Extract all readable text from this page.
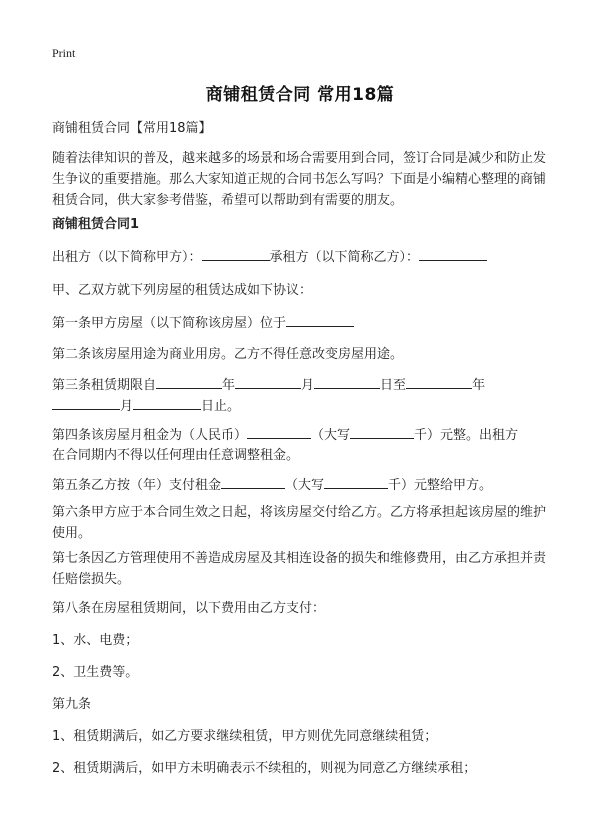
Print
商铺租赁合同 常用18篇
商铺租赁合同【常用18篇】
随着法律知识的普及，越来越多的场景和场合需要用到合同，签订合同是减少和防止发生争议的重要措施。那么大家知道正规的合同书怎么写吗？下面是小编精心整理的商铺租赁合同，供大家参考借鉴，希望可以帮助到有需要的朋友。
商铺租赁合同1
出租方（以下简称甲方）：	承租方（以下简称乙方）：
甲、乙双方就下列房屋的租赁达成如下协议：
第一条甲方房屋（以下简称该房屋）位于
第二条该房屋用途为商业用房。乙方不得任意改变房屋用途。
第三条租赁期限自	年	月	日至	年
月	日止。
第四条该房屋月租金为（人民币）	（大写	千）元整。出租方
在合同期内不得以任何理由任意调整租金。
第五条乙方按（年）支付租金	（大写	千）元整给甲方。
第六条甲方应于本合同生效之日起，将该房屋交付给乙方。乙方将承担起该房屋的维护使用。
第七条因乙方管理使用不善造成房屋及其相连设备的损失和维修费用，由乙方承担并责任赔偿损失。
第八条在房屋租赁期间，以下费用由乙方支付：
1、水、电费；
2、卫生费等。
第九条
1、租赁期满后，如乙方要求继续租赁，甲方则优先同意继续租赁；
2、租赁期满后，如甲方未明确表示不续租的，则视为同意乙方继续承租；
